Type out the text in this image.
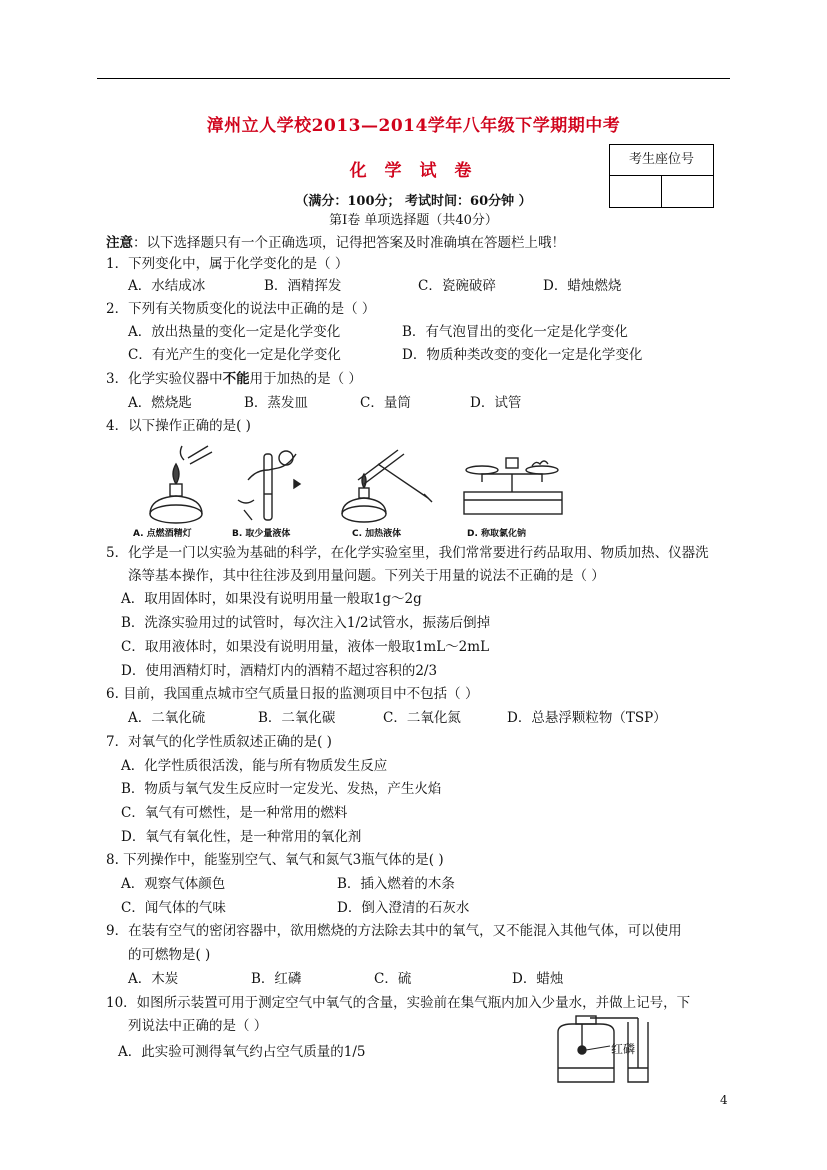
漳州立人学校2013—2014学年八年级下学期期中考
化 学 试 卷
考生座位号
（满分：100分； 考试时间：60分钟 ）
第Ⅰ卷 单项选择题（共40分）
注意：以下选择题只有一个正确选项，记得把答案及时准确填在答题栏上哦！
1．下列变化中，属于化学变化的是（ ）
A．水结成冰	B．酒精挥发	C．瓷碗破碎	D．蜡烛燃烧
2．下列有关物质变化的说法中正确的是（ ）
A．放出热量的变化一定是化学变化	B．有气泡冒出的变化一定是化学变化
C．有光产生的变化一定是化学变化	D．物质种类改变的变化一定是化学变化
3．化学实验仪器中不能用于加热的是（ ）
A．燃烧匙	B．蒸发皿	C．量筒	D．试管
4．以下操作正确的是( )
A. 点燃酒精灯	B. 取少量液体	C. 加热液体	D. 称取氯化钠
5．化学是一门以实验为基础的科学，在化学实验室里，我们常常要进行药品取用、物质加热、仪器洗
涤等基本操作，其中往往涉及到用量问题。下列关于用量的说法不正确的是（ ）
A．取用固体时，如果没有说明用量一般取1g～2g
B．洗涤实验用过的试管时，每次注入1/2试管水，振荡后倒掉
C．取用液体时，如果没有说明用量，液体一般取1mL～2mL
D．使用酒精灯时，酒精灯内的酒精不超过容积的2/3
6. 目前，我国重点城市空气质量日报的监测项目中不包括（ ）
A．二氧化硫	B．二氧化碳	C．二氧化氮	D．总悬浮颗粒物（TSP）
7．对氧气的化学性质叙述正确的是( )
A．化学性质很活泼，能与所有物质发生反应
B．物质与氧气发生反应时一定发光、发热，产生火焰
C．氧气有可燃性，是一种常用的燃料
D．氧气有氧化性，是一种常用的氧化剂
8. 下列操作中，能鉴别空气、氧气和氮气3瓶气体的是( )
A．观察气体颜色	B．插入燃着的木条
C．闻气体的气味	D．倒入澄清的石灰水
9．在装有空气的密闭容器中，欲用燃烧的方法除去其中的氧气，又不能混入其他气体，可以使用
的可燃物是( )
A．木炭	B．红磷	C．硫	D．蜡烛
10．如图所示装置可用于测定空气中氧气的含量，实验前在集气瓶内加入少量水，并做上记号，下
列说法中正确的是（ ）
A．此实验可测得氧气约占空气质量的1/5	红磷
4
